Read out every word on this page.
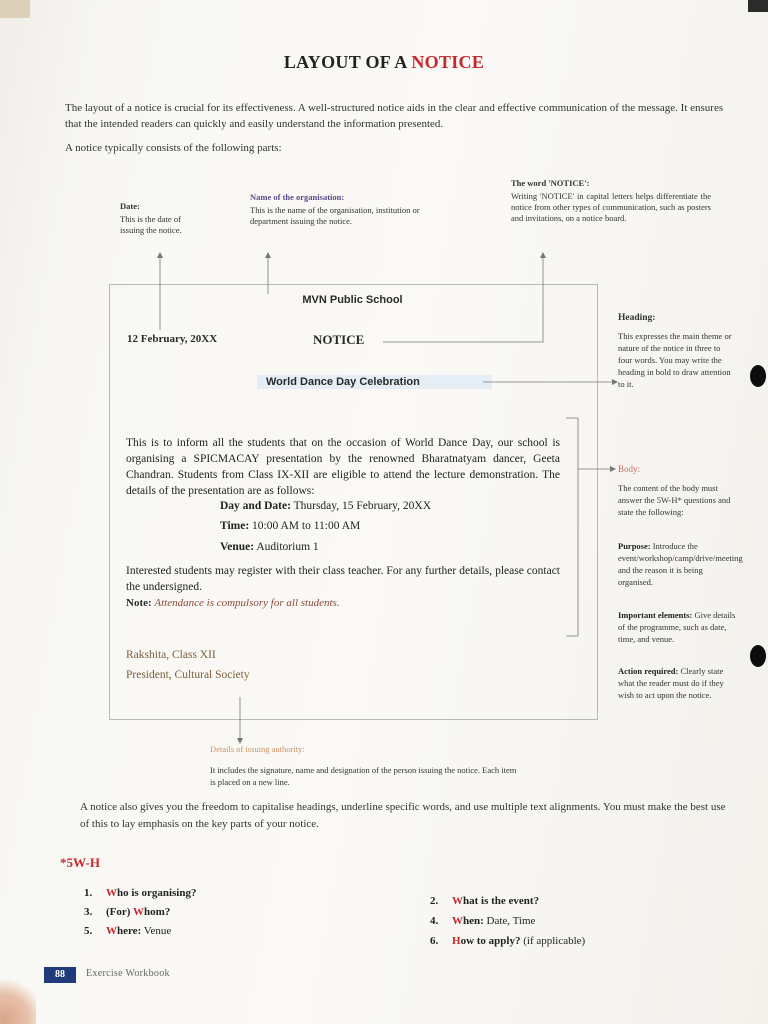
LAYOUT OF A NOTICE
The layout of a notice is crucial for its effectiveness. A well-structured notice aids in the clear and effective communication of the message. It ensures that the intended readers can quickly and easily understand the information presented.
A notice typically consists of the following parts:
Date:
This is the date of issuing the notice.
Name of the organisation:
This is the name of the organisation, institution or department issuing the notice.
The word 'NOTICE':
Writing 'NOTICE' in capital letters helps differentiate the notice from other types of communication, such as posters and invitations, on a notice board.
MVN Public School
12 February, 20XX	NOTICE
World Dance Day Celebration
This is to inform all the students that on the occasion of World Dance Day, our school is organising a SPICMACAY presentation by the renowned Bharatnatyam dancer, Geeta Chandran. Students from Class IX-XII are eligible to attend the lecture demonstration. The details of the presentation are as follows:
Day and Date: Thursday, 15 February, 20XX
Time: 10:00 AM to 11:00 AM
Venue: Auditorium 1
Interested students may register with their class teacher. For any further details, please contact the undersigned.
Note: Attendance is compulsory for all students.
Rakshita, Class XII
President, Cultural Society
Heading:
This expresses the main theme or nature of the notice in three to four words. You may write the heading in bold to draw attention to it.
Body:
The content of the body must answer the 5W-H* questions and state the following:
Purpose: Introduce the event/workshop/camp/drive/meeting and the reason it is being organised.
Important elements: Give details of the programme, such as date, time, and venue.
Action required: Clearly state what the reader must do if they wish to act upon the notice.
Details of issuing authority:
It includes the signature, name and designation of the person issuing the notice. Each item is placed on a new line.
A notice also gives you the freedom to capitalise headings, underline specific words, and use multiple text alignments. You must make the best use of this to lay emphasis on the key parts of your notice.
*5W-H
1. Who is organising?
2. What is the event?
3. (For) Whom?
4. When: Date, Time
5. Where: Venue
6. How to apply? (if applicable)
88	Exercise Workbook
